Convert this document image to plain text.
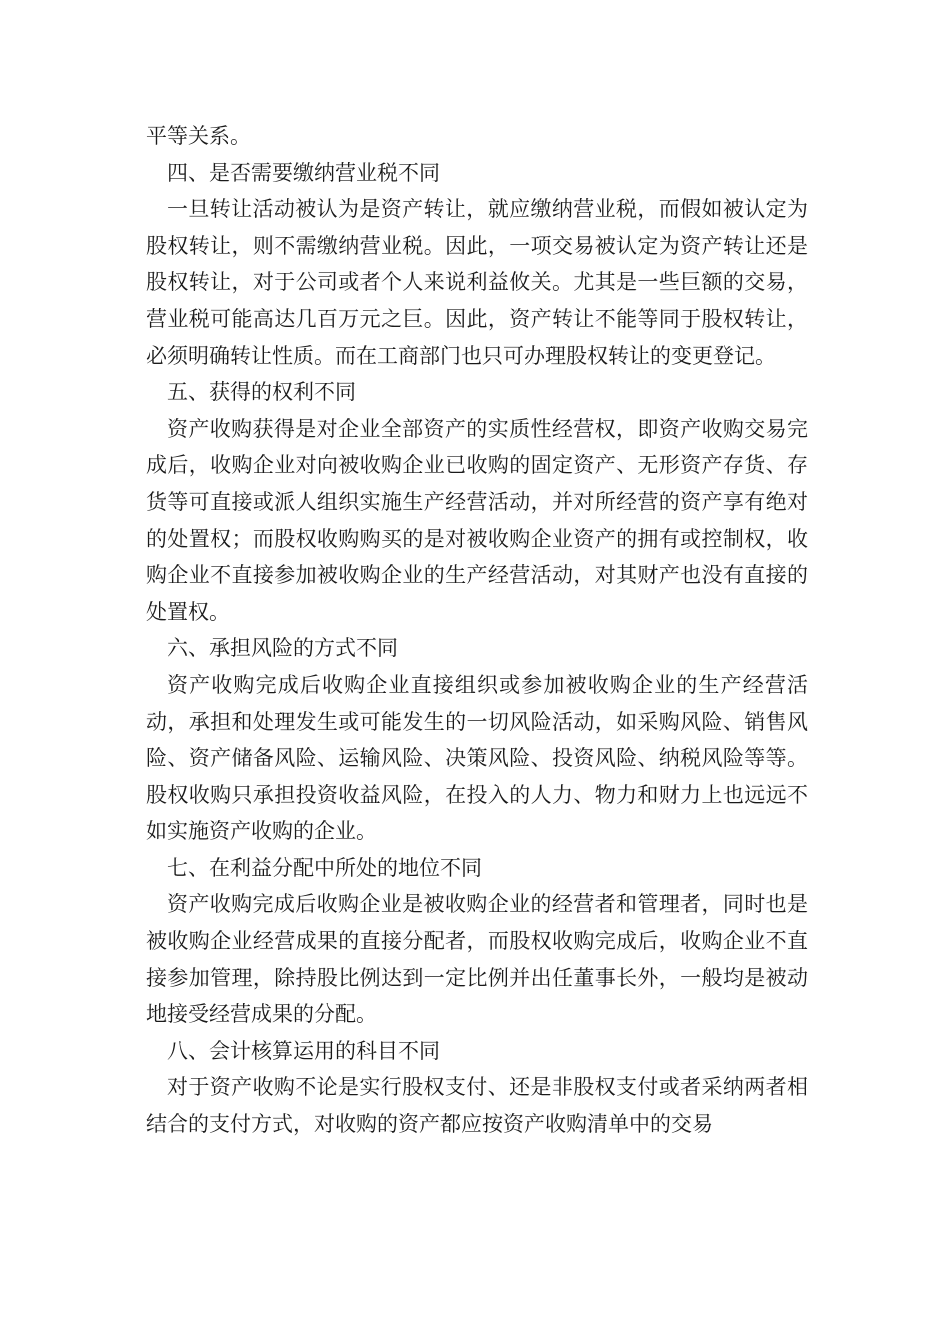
平等关系。

四、是否需要缴纳营业税不同

一旦转让活动被认为是资产转让，就应缴纳营业税，而假如被认定为股权转让，则不需缴纳营业税。因此，一项交易被认定为资产转让还是股权转让，对于公司或者个人来说利益攸关。尤其是一些巨额的交易，营业税可能高达几百万元之巨。因此，资产转让不能等同于股权转让，必须明确转让性质。而在工商部门也只可办理股权转让的变更登记。

五、获得的权利不同

资产收购获得是对企业全部资产的实质性经营权，即资产收购交易完成后，收购企业对向被收购企业已收购的固定资产、无形资产存货、存货等可直接或派人组织实施生产经营活动，并对所经营的资产享有绝对的处置权；而股权收购购买的是对被收购企业资产的拥有或控制权，收购企业不直接参加被收购企业的生产经营活动，对其财产也没有直接的处置权。

六、承担风险的方式不同

资产收购完成后收购企业直接组织或参加被收购企业的生产经营活动，承担和处理发生或可能发生的一切风险活动，如采购风险、销售风险、资产储备风险、运输风险、决策风险、投资风险、纳税风险等等。股权收购只承担投资收益风险，在投入的人力、物力和财力上也远远不如实施资产收购的企业。

七、在利益分配中所处的地位不同

资产收购完成后收购企业是被收购企业的经营者和管理者，同时也是被收购企业经营成果的直接分配者，而股权收购完成后，收购企业不直接参加管理，除持股比例达到一定比例并出任董事长外，一般均是被动地接受经营成果的分配。

八、会计核算运用的科目不同

对于资产收购不论是实行股权支付、还是非股权支付或者采纳两者相结合的支付方式，对收购的资产都应按资产收购清单中的交易
